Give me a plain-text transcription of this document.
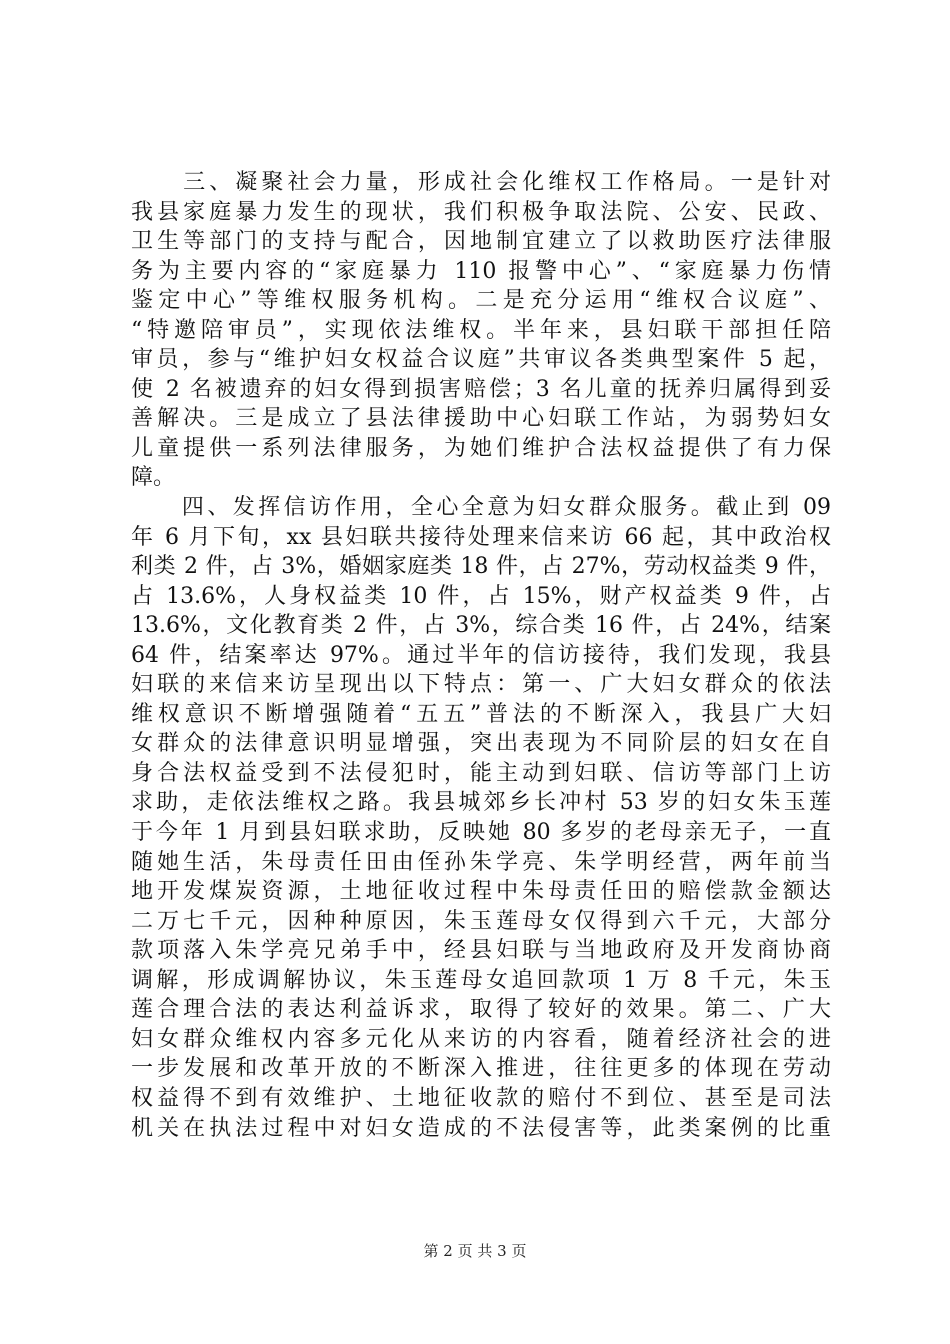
　　三、凝聚社会力量，形成社会化维权工作格局。一是针对
我县家庭暴力发生的现状，我们积极争取法院、公安、民政、
卫生等部门的支持与配合，因地制宜建立了以救助医疗法律服
务为主要内容的“家庭暴力 110 报警中心”、“家庭暴力伤情
鉴定中心”等维权服务机构。二是充分运用“维权合议庭”、
“特邀陪审员”，实现依法维权。半年来，县妇联干部担任陪
审员，参与“维护妇女权益合议庭”共审议各类典型案件 5 起，
使 2 名被遗弃的妇女得到损害赔偿；3 名儿童的抚养归属得到妥
善解决。三是成立了县法律援助中心妇联工作站，为弱势妇女
儿童提供一系列法律服务，为她们维护合法权益提供了有力保
障。
　　四、发挥信访作用，全心全意为妇女群众服务。截止到 09
年 6 月下旬，xx 县妇联共接待处理来信来访 66 起，其中政治权
利类 2 件，占 3%，婚姻家庭类 18 件，占 27%，劳动权益类 9 件，
占 13.6%，人身权益类 10 件，占 15%，财产权益类 9 件，占
13.6%，文化教育类 2 件，占 3%，综合类 16 件，占 24%，结案
64 件，结案率达 97%。通过半年的信访接待，我们发现，我县
妇联的来信来访呈现出以下特点：第一、广大妇女群众的依法
维权意识不断增强随着“五五”普法的不断深入，我县广大妇
女群众的法律意识明显增强，突出表现为不同阶层的妇女在自
身合法权益受到不法侵犯时，能主动到妇联、信访等部门上访
求助，走依法维权之路。我县城郊乡长冲村 53 岁的妇女朱玉莲
于今年 1 月到县妇联求助，反映她 80 多岁的老母亲无子，一直
随她生活，朱母责任田由侄孙朱学亮、朱学明经营，两年前当
地开发煤炭资源，土地征收过程中朱母责任田的赔偿款金额达
二万七千元，因种种原因，朱玉莲母女仅得到六千元，大部分
款项落入朱学亮兄弟手中，经县妇联与当地政府及开发商协商
调解，形成调解协议，朱玉莲母女追回款项 1 万 8 千元，朱玉
莲合理合法的表达利益诉求，取得了较好的效果。第二、广大
妇女群众维权内容多元化从来访的内容看，随着经济社会的进
一步发展和改革开放的不断深入推进，往往更多的体现在劳动
权益得不到有效维护、土地征收款的赔付不到位、甚至是司法
机关在执法过程中对妇女造成的不法侵害等，此类案例的比重
第 2 页 共 3 页
